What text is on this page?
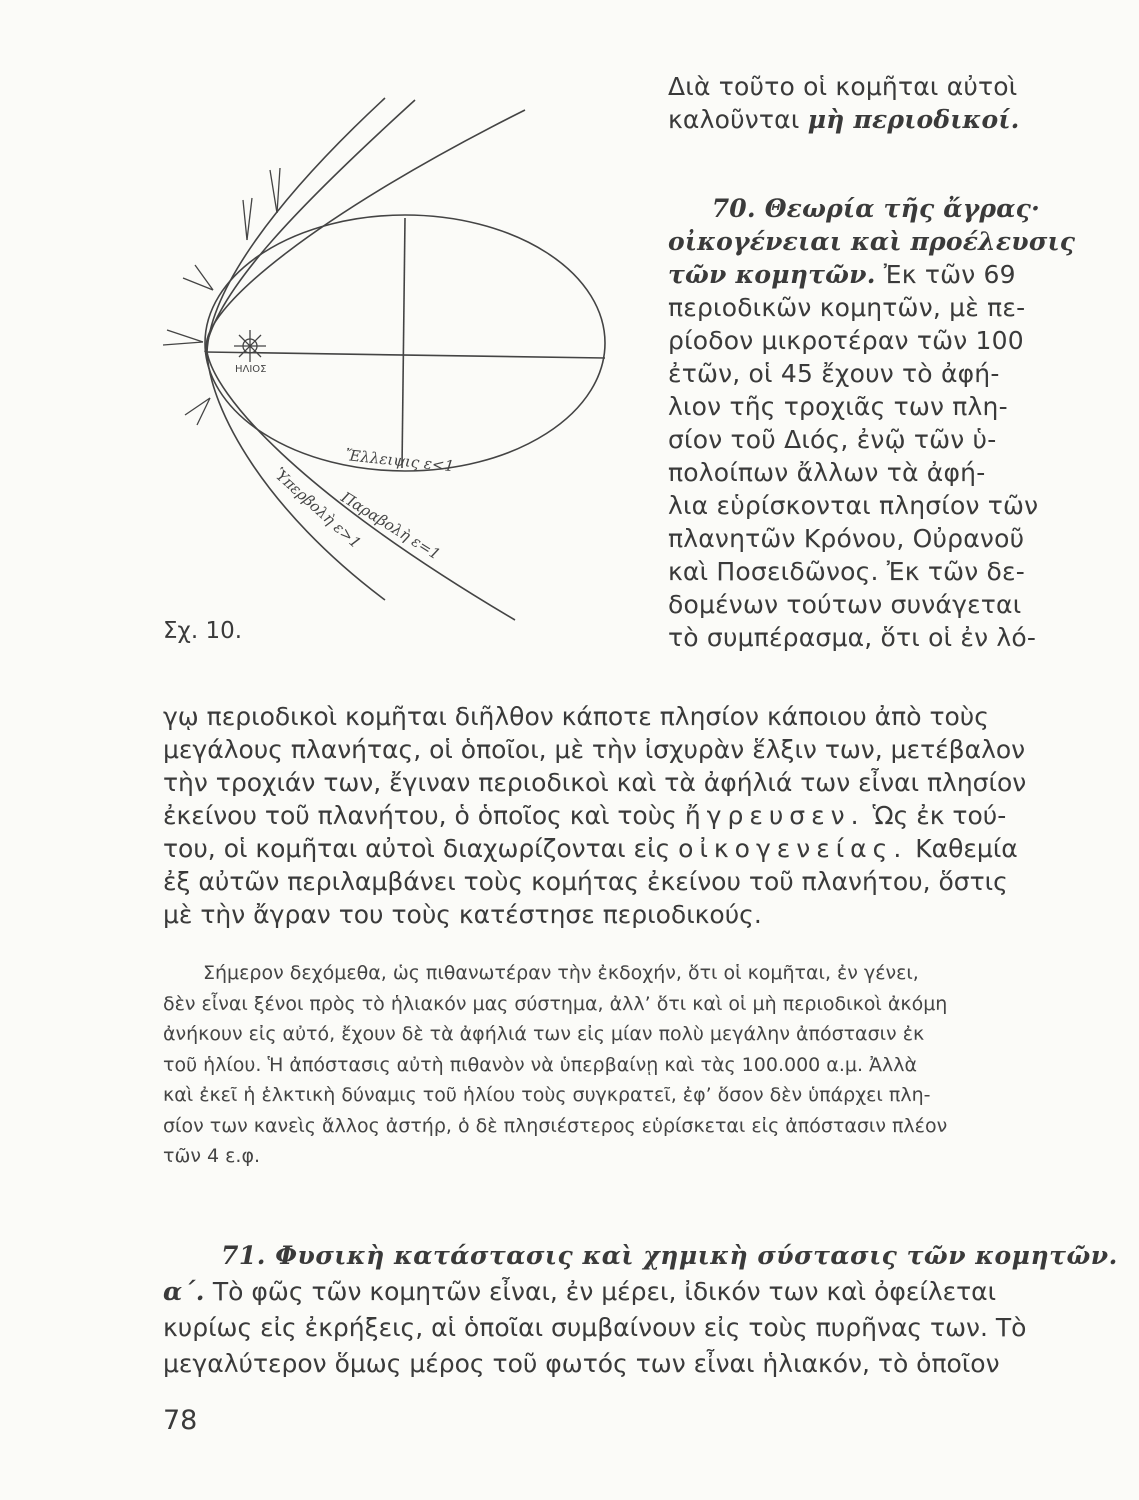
ΗΛΙΟΣ
Ἔλλειψις ε<1
Παραβολὴ ε=1
Ὑπερβολὴ ε>1
Σχ. 10.
Διὰ τοῦτο οἱ κομῆται αὐτοὶ
καλοῦνται μὴ περιοδικοί.
70. Θεωρία τῆς ἄγρας·
οἰκογένειαι καὶ προέλευσις
τῶν κομητῶν. Ἐκ τῶν 69
περιοδικῶν κομητῶν, μὲ πε-
ρίοδον μικροτέραν τῶν 100
ἐτῶν, οἱ 45 ἔχουν τὸ ἀφή-
λιον τῆς τροχιᾶς των πλη-
σίον τοῦ Διός, ἐνῷ τῶν ὑ-
πολοίπων ἄλλων τὰ ἀφή-
λια εὑρίσκονται πλησίον τῶν
πλανητῶν Κρόνου, Οὐρανοῦ
καὶ Ποσειδῶνος. Ἐκ τῶν δε-
δομένων τούτων συνάγεται
τὸ συμπέρασμα, ὅτι οἱ ἐν λό-
γῳ περιοδικοὶ κομῆται διῆλθον κάποτε πλησίον κάποιου ἀπὸ τοὺς
μεγάλους πλανήτας, οἱ ὁποῖοι, μὲ τὴν ἰσχυρὰν ἕλξιν των, μετέβαλον
τὴν τροχιάν των, ἔγιναν περιοδικοὶ καὶ τὰ ἀφήλιά των εἶναι πλησίον
ἐκείνου τοῦ πλανήτου, ὁ ὁποῖος καὶ τοὺς ἤγρευσεν. Ὡς ἐκ τού-
του, οἱ κομῆται αὐτοὶ διαχωρίζονται εἰς οἰκογενείας. Καθεμία
ἐξ αὐτῶν περιλαμβάνει τοὺς κομήτας ἐκείνου τοῦ πλανήτου, ὅστις
μὲ τὴν ἄγραν του τοὺς κατέστησε περιοδικούς.
Σήμερον δεχόμεθα, ὡς πιθανωτέραν τὴν ἐκδοχήν, ὅτι οἱ κομῆται, ἐν γένει,
δὲν εἶναι ξένοι πρὸς τὸ ἡλιακόν μας σύστημα, ἀλλ’ ὅτι καὶ οἱ μὴ περιοδικοὶ ἀκόμη
ἀνήκουν εἰς αὐτό, ἔχουν δὲ τὰ ἀφήλιά των εἰς μίαν πολὺ μεγάλην ἀπόστασιν ἐκ
τοῦ ἡλίου. Ἡ ἀπόστασις αὐτὴ πιθανὸν νὰ ὑπερβαίνῃ καὶ τὰς 100.000 α.μ. Ἀλλὰ
καὶ ἐκεῖ ἡ ἑλκτικὴ δύναμις τοῦ ἡλίου τοὺς συγκρατεῖ, ἐφ’ ὅσον δὲν ὑπάρχει πλη-
σίον των κανεὶς ἄλλος ἀστήρ, ὁ δὲ πλησιέστερος εὑρίσκεται εἰς ἀπόστασιν πλέον
τῶν 4 ε.φ.
71. Φυσικὴ κατάστασις καὶ χημικὴ σύστασις τῶν κομητῶν.
α΄. Τὸ φῶς τῶν κομητῶν εἶναι, ἐν μέρει, ἰδικόν των καὶ ὀφείλεται
κυρίως εἰς ἐκρήξεις, αἱ ὁποῖαι συμβαίνουν εἰς τοὺς πυρῆνας των. Τὸ
μεγαλύτερον ὅμως μέρος τοῦ φωτός των εἶναι ἡλιακόν, τὸ ὁποῖον
78
